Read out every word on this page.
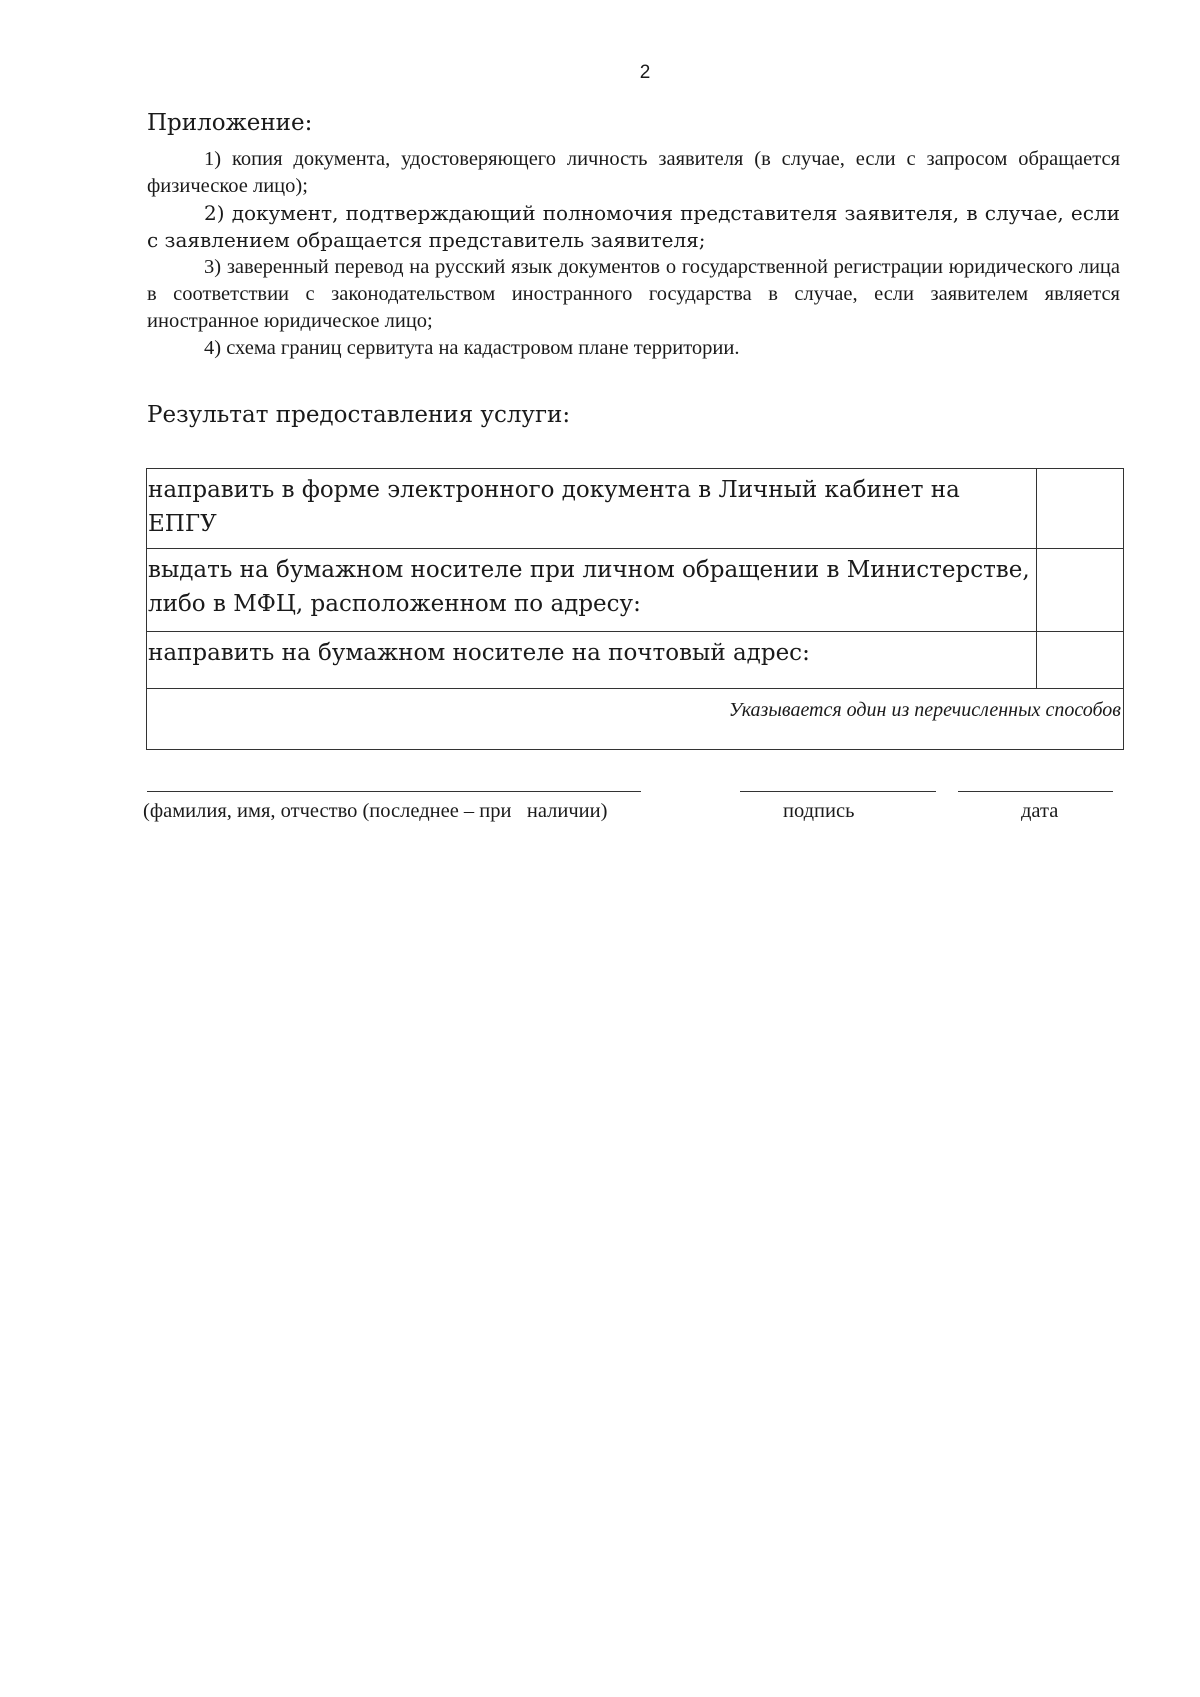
2
Приложение:

1) копия документа, удостоверяющего личность заявителя (в случае, если с запросом обращается физическое лицо);

2) документ, подтверждающий полномочия представителя заявителя, в случае, если с заявлением обращается представитель заявителя;

3) заверенный перевод на русский язык документов о государственной регистрации юридического лица в соответствии с законодательством иностранного государства в случае, если заявителем является иностранное юридическое лицо;

4) схема границ сервитута на кадастровом плане территории.

Результат предоставления услуги:
направить в форме электронного документа в Личный кабинет на ЕПГУ	
выдать на бумажном носителе при личном обращении в Министерстве, либо в МФЦ, расположенном по адресу:	
направить на бумажном носителе на почтовый адрес:	
Указывается один из перечисленных способов	
(фамилия, имя, отчество (последнее – при   наличии)	подпись	дата
